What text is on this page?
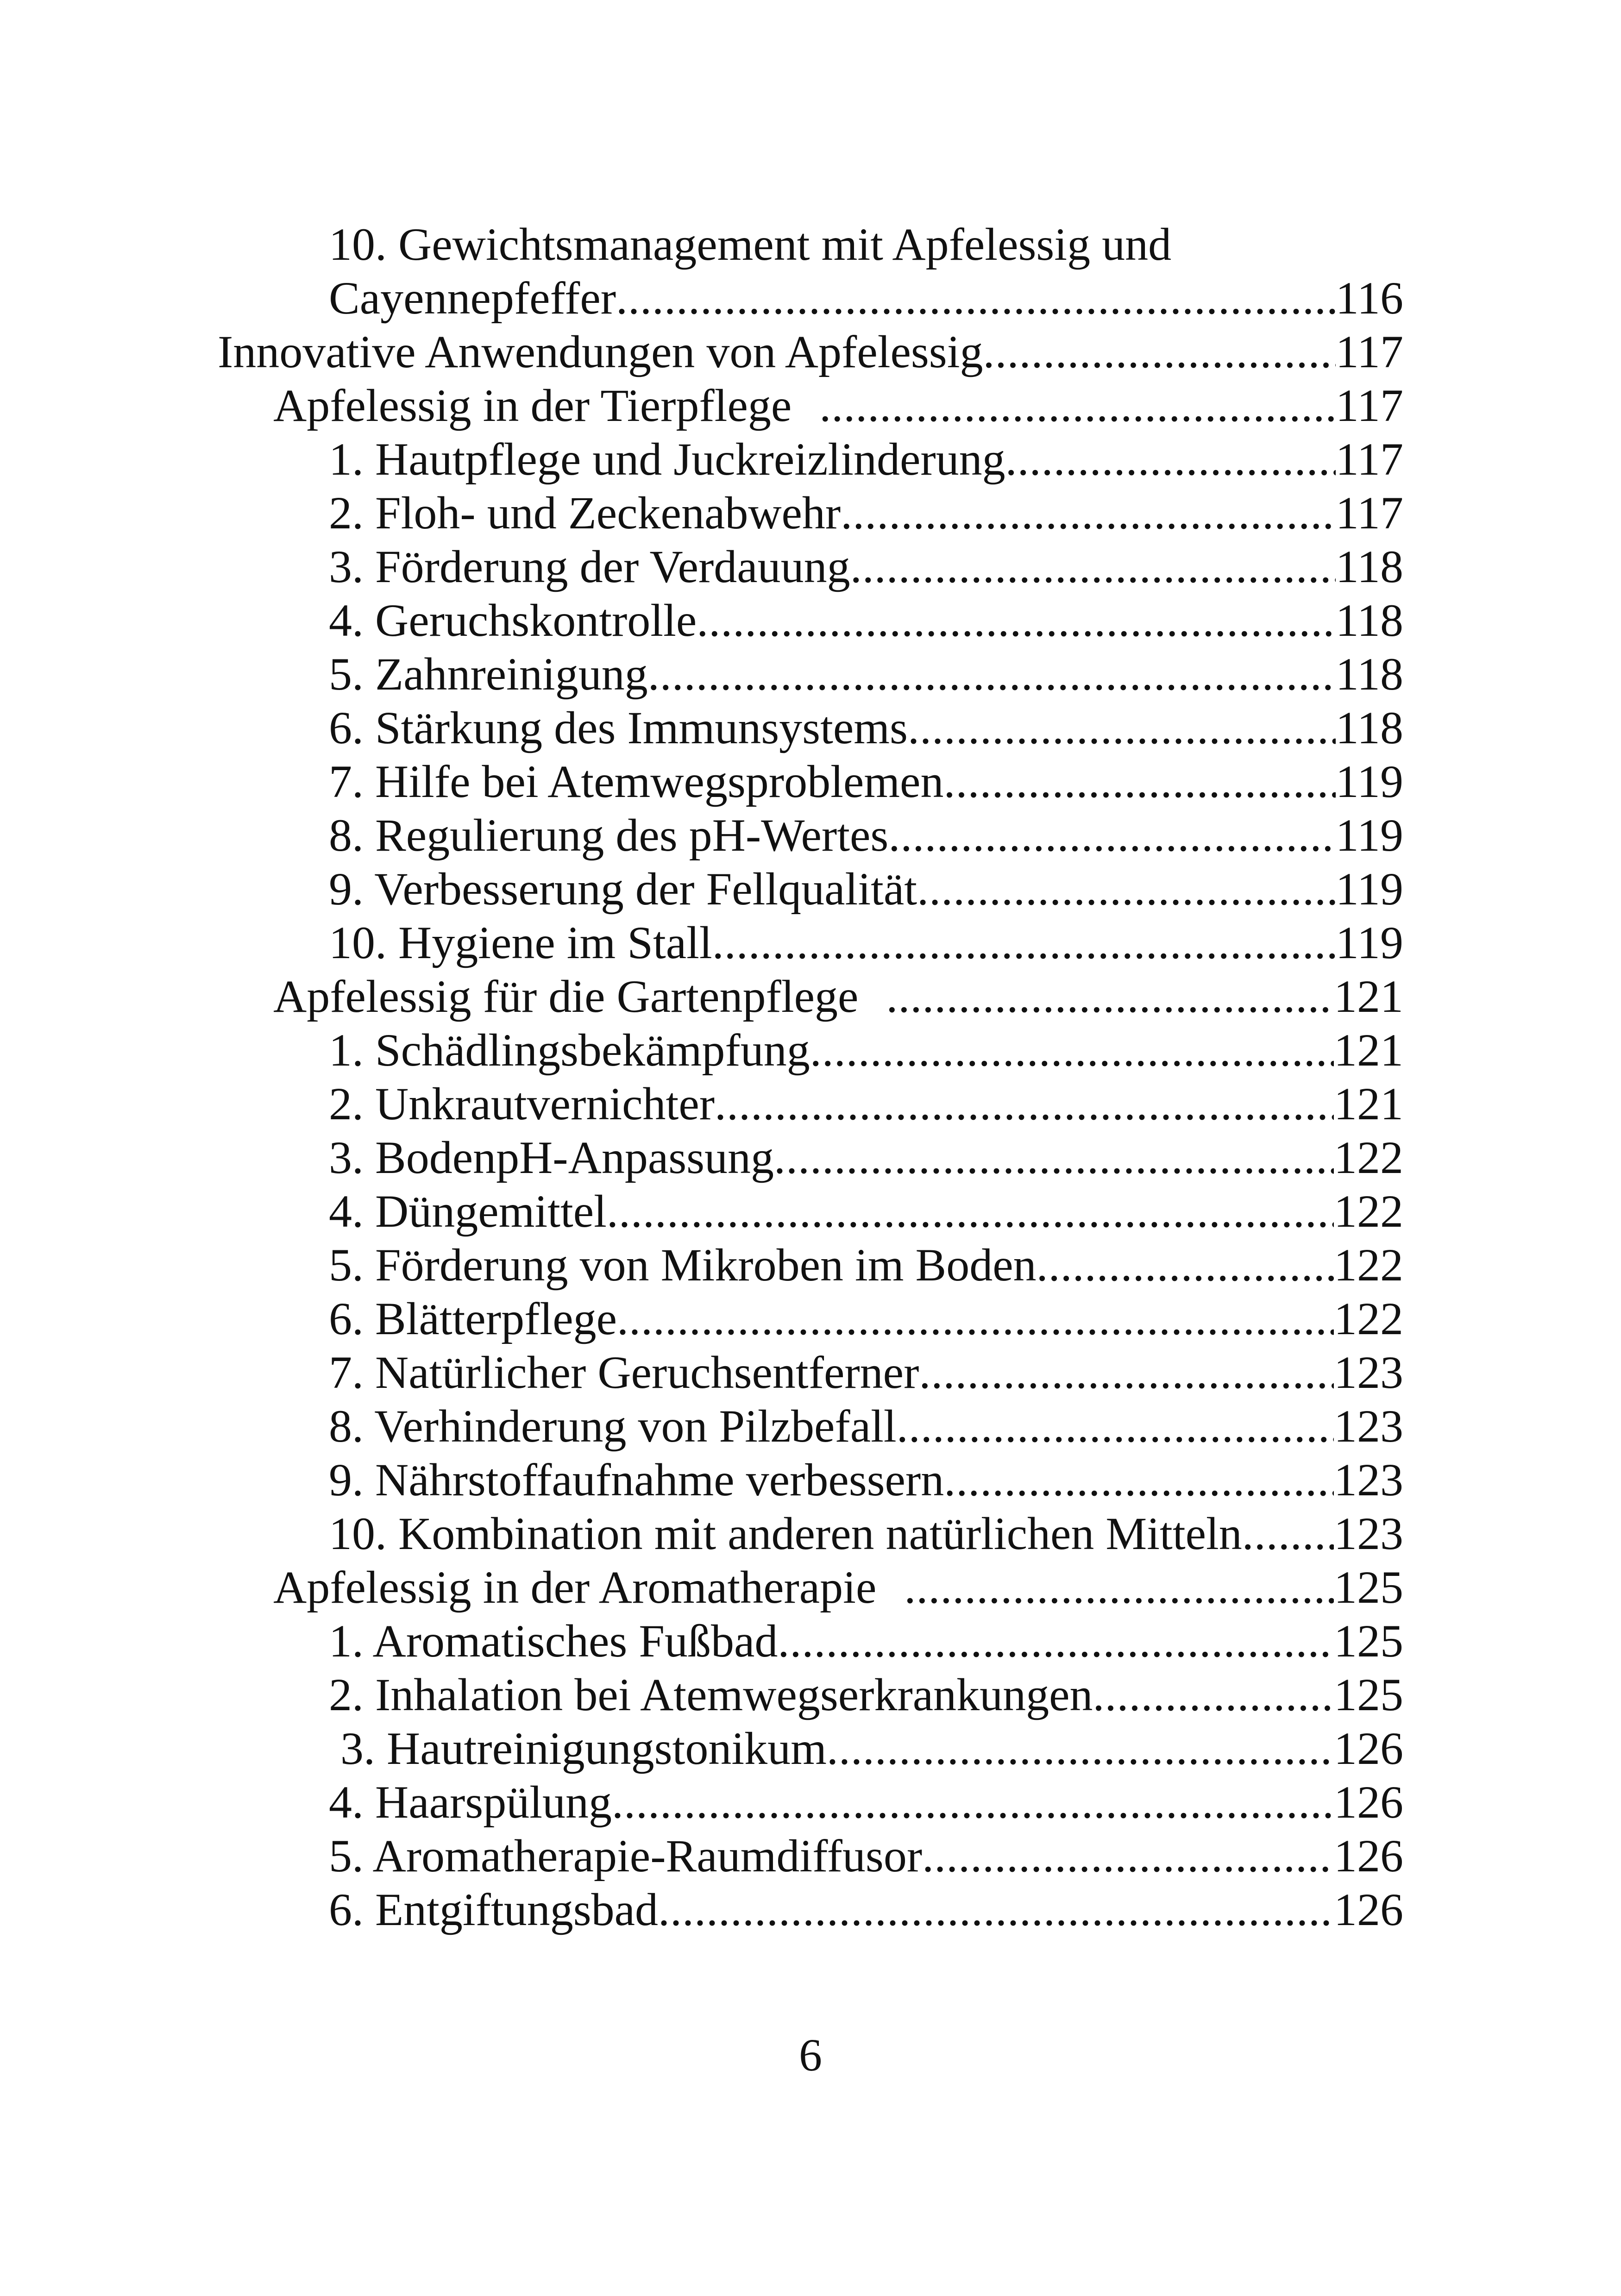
10. Gewichtsmanagement mit Apfelessig und
Cayennepfeffer .....	116
Innovative Anwendungen von Apfelessig .....	117
Apfelessig in der Tierpflege .....	117
1. Hautpflege und Juckreizlinderung .....	117
2. Floh- und Zeckenabwehr .....	117
3. Förderung der Verdauung .....	118
4. Geruchskontrolle .....	118
5. Zahnreinigung .....	118
6. Stärkung des Immunsystems .....	118
7. Hilfe bei Atemwegsproblemen .....	119
8. Regulierung des pH-Wertes .....	119
9. Verbesserung der Fellqualität .....	119
10. Hygiene im Stall .....	119
Apfelessig für die Gartenpflege .....	121
1. Schädlingsbekämpfung .....	121
2. Unkrautvernichter .....	121
3. BodenpH-Anpassung .....	122
4. Düngemittel .....	122
5. Förderung von Mikroben im Boden .....	122
6. Blätterpflege .....	122
7. Natürlicher Geruchsentferner .....	123
8. Verhinderung von Pilzbefall .....	123
9. Nährstoffaufnahme verbessern .....	123
10. Kombination mit anderen natürlichen Mitteln ..... 123
Apfelessig in der Aromatherapie .....	125
1. Aromatisches Fußbad .....	125
2. Inhalation bei Atemwegserkrankungen .....	125
3. Hautreinigungstonikum .....	126
4. Haarspülung .....	126
5. Aromatherapie-Raumdiffusor .....	126
6. Entgiftungsbad .....	126
6
